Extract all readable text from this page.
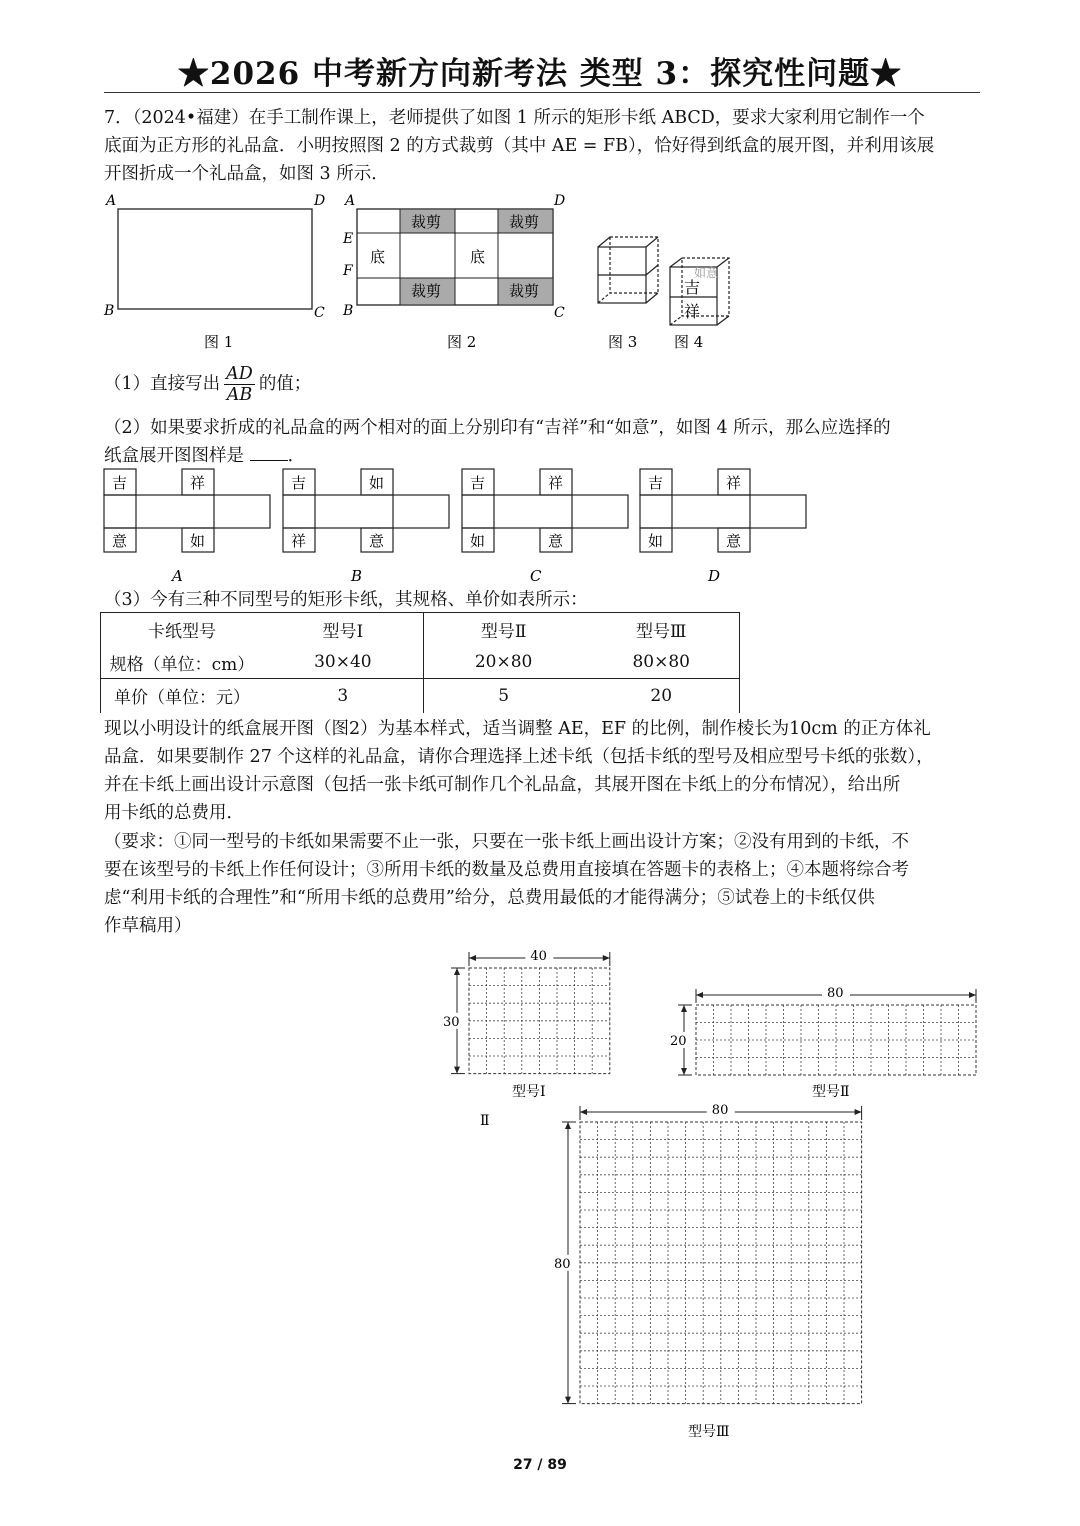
★2026 中考新方向新考法 类型 3：探究性问题★
7．（2024•福建）在手工制作课上，老师提供了如图 1 所示的矩形卡纸 ABCD，要求大家利用它制作一个
底面为正方形的礼品盒．小明按照图 2 的方式裁剪（其中 AE = FB），恰好得到纸盒的展开图，并利用该展
开图折成一个礼品盒，如图 3 所示．
A	D
B	C
图 1
裁剪	裁剪
裁剪	裁剪
底	底
A	D
E
F
B	C
图 2	图 3
如意
吉
祥
图 4
（1）直接写出 $\frac{AD}{AB}$ 的值；
（2）如果要求折成的礼品盒的两个相对的面上分别印有“吉祥”和“如意”，如图 4 所示，那么应选择的
纸盒展开图图样是 ．
吉	祥
意	如
A
吉	如
祥	意
B
吉	祥
如	意
C
吉	祥
如	意
D
（3）今有三种不同型号的矩形卡纸，其规格、单价如表所示：
卡纸型号	型号Ⅰ	型号Ⅱ	型号Ⅲ
规格（单位：cm）	30×40	20×80	80×80
单价（单位：元）	3	5	20
现以小明设计的纸盒展开图（图2）为基本样式，适当调整 AE，EF 的比例，制作棱长为10cm 的正方体礼
品盒．如果要制作 27 个这样的礼品盒，请你合理选择上述卡纸（包括卡纸的型号及相应型号卡纸的张数），
并在卡纸上画出设计示意图（包括一张卡纸可制作几个礼品盒，其展开图在卡纸上的分布情况），给出所
用卡纸的总费用．
（要求：①同一型号的卡纸如果需要不止一张，只要在一张卡纸上画出设计方案；②没有用到的卡纸，不
要在该型号的卡纸上作任何设计；③所用卡纸的数量及总费用直接填在答题卡的表格上；④本题将综合考
虑“利用卡纸的合理性”和“所用卡纸的总费用”给分，总费用最低的才能得满分；⑤试卷上的卡纸仅供
作草稿用）
40
30
80
20
80
80
Ⅱ
型号Ⅰ	型号Ⅱ
型号Ⅲ
27 / 89
